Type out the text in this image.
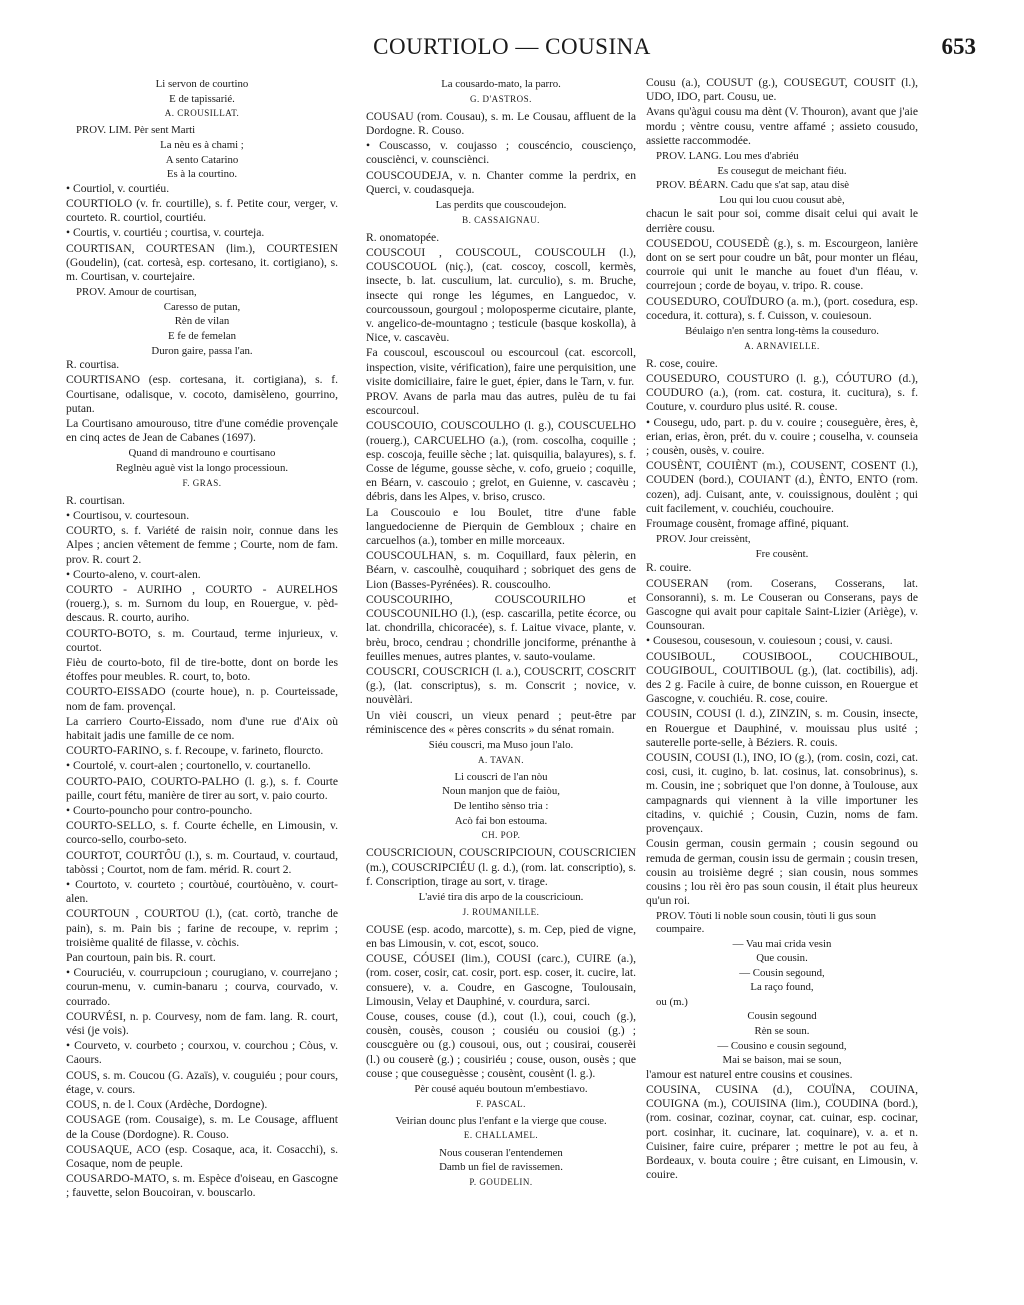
COURTIOLO — COUSINA	653

Li servon de courtino

E de tapissarié.

A. CROUSILLAT.

PROV. LIM. Pèr sent Marti

La nèu es à chami ;

A sento Catarino

Es à la courtino.

• Courtiol, v. courtiéu.

COURTIOLO (v. fr. courtille), s. f. Petite cour, verger, v. courteto. R. courtiol, courtiéu.

• Courtis, v. courtiéu ; courtisa, v. courteja.

COURTISAN, COURTESAN (lim.), COURTESIEN (Goudelin), (cat. cortesà, esp. cortesano, it. cortigiano), s. m. Courtisan, v. courtejaire.

PROV. Amour de courtisan,

Caresso de putan,

Rèn de vilan

E fe de femelan

Duron gaire, passa l'an.

R. courtisa.

COURTISANO (esp. cortesana, it. cortigiana), s. f. Courtisane, odalisque, v. cocoto, damisèleno, gourrino, putan.

La Courtisano amourouso, titre d'une comédie provençale en cinq actes de Jean de Cabanes (1697).

Quand di mandrouno e courtisano

Reglnèu aguè vist la longo processioun.

F. GRAS.

R. courtisan.

• Courtisou, v. courtesoun.

COURTO, s. f. Variété de raisin noir, connue dans les Alpes ; ancien vêtement de femme ; Courte, nom de fam. prov. R. court 2.

• Courto-aleno, v. court-alen.

COURTO - AURIHO , COURTO - AURELHOS (rouerg.), s. m. Surnom du loup, en Rouergue, v. pèd-descaus. R. courto, auriho.

COURTO-BOTO, s. m. Courtaud, terme injurieux, v. courtot.

Fièu de courto-boto, fil de tire-botte, dont on borde les étoffes pour meubles. R. court, to, boto.

COURTO-EISSADO (courte houe), n. p. Courteissade, nom de fam. provençal.

La carriero Courto-Eissado, nom d'une rue d'Aix où habitait jadis une famille de ce nom.

COURTO-FARINO, s. f. Recoupe, v. farineto, flourcto.

• Courtolé, v. court-alen ; courtonello, v. courtanello.

COURTO-PAIO, COURTO-PALHO (l. g.), s. f. Courte paille, court fétu, manière de tirer au sort, v. paio courto.

• Courto-pouncho pour contro-pouncho.

COURTO-SELLO, s. f. Courte échelle, en Limousin, v. courco-sello, courbo-seto.

COURTOT, COURTÔU (l.), s. m. Courtaud, v. courtaud, tabòssi ; Courtot, nom de fam. mérid. R. court 2.

• Courtoto, v. courteto ; courtòué, courtòuèno, v. court-alen.

COURTOUN , COURTOU (l.), (cat. cortò, tranche de pain), s. m. Pain bis ; farine de recoupe, v. reprim ; troisième qualité de filasse, v. còchis.

Pan courtoun, pain bis. R. court.

• Couruciéu, v. courrupcioun ; courugiano, v. courrejano ; courun-menu, v. cumin-banaru ; courva, courvado, v. courrado.

COURVÉSI, n. p. Courvesy, nom de fam. lang. R. court, vési (je vois).

• Courveto, v. courbeto ; courxou, v. courchou ; Còus, v. Caours.

COUS, s. m. Coucou (G. Azaïs), v. couguiéu ; pour cours, étage, v. cours.

COUS, n. de l. Coux (Ardèche, Dordogne).

COUSAGE (rom. Cousaige), s. m. Le Cousage, affluent de la Couse (Dordogne). R. Couso.

COUSAQUE, ACO (esp. Cosaque, aca, it. Cosacchi), s. Cosaque, nom de peuple.

COUSARDO-MATO, s. m. Espèce d'oiseau, en Gascogne ; fauvette, selon Boucoiran, v. bouscarlo.

La cousardo-mato, la parro.

G. D'ASTROS.

COUSAU (rom. Cousau), s. m. Le Cousau, affluent de la Dordogne. R. Couso.

• Couscasso, v. coujasso ; couscéncio, couscienço, cousciènci, v. counsciènci.

COUSCOUDEJA, v. n. Chanter comme la perdrix, en Querci, v. coudasqueja.

Las perdits que couscoudejon.

B. CASSAIGNAU.

R. onomatopée.

COUSCOUI , COUSCOUL, COUSCOULH (l.), COUSCOUOL (niç.), (cat. coscoy, coscoll, kermès, insecte, b. lat. cusculium, lat. curculio), s. m. Bruche, insecte qui ronge les légumes, en Languedoc, v. courcoussoun, gourgoul ; moloposperme cicutaire, plante, v. angelico-de-mountagno ; testicule (basque koskolla), à Nice, v. cascavèu.

Fa couscoul, escouscoul ou escourcoul (cat. escorcoll, inspection, visite, vérification), faire une perquisition, une visite domiciliaire, faire le guet, épier, dans le Tarn, v. fur.

PROV. Avans de parla mau das autres, pulèu de tu fai escourcoul.

COUSCOUIO, COUSCOULHO (l. g.), COUSCUELHO (rouerg.), CARCUELHO (a.), (rom. coscolha, coquille ; esp. coscoja, feuille sèche ; lat. quisquilia, balayures), s. f. Cosse de légume, gousse sèche, v. cofo, grueio ; coquille, en Béarn, v. cascouio ; grelot, en Guienne, v. cascavèu ; débris, dans les Alpes, v. briso, crusco.

La Couscouio e lou Boulet, titre d'une fable languedocienne de Pierquin de Gembloux ; chaire en carcuelhos (a.), tomber en mille morceaux.

COUSCOULHAN, s. m. Coquillard, faux pèlerin, en Béarn, v. cascoulhè, couquihard ; sobriquet des gens de Lion (Basses-Pyrénées). R. couscoulho.

COUSCOURIHO, COUSCOURILHO et COUSCOUNILHO (l.), (esp. cascarilla, petite écorce, ou lat. chondrilla, chicoracée), s. f. Laitue vivace, plante, v. brèu, broco, cendrau ; chondrille jonciforme, prénanthe à feuilles menues, autres plantes, v. sauto-voulame.

COUSCRI, COUSCRICH (l. a.), COUSCRIT, COSCRIT (g.), (lat. conscriptus), s. m. Conscrit ; novice, v. nouvèlàri.

Un vièi couscri, un vieux penard ; peut-être par réminiscence des « pères conscrits » du sénat romain.

Siéu couscri, ma Muso joun l'alo.

A. TAVAN.

Li couscri de l'an nòu

Noun manjon que de faiòu,

De lentiho sènso tria :

Acò fai bon estouma.

CH. POP.

COUSCRICIOUN, COUSCRIPCIOUN, COUSCRICIEN (m.), COUSCRIPCIÉU (l. g. d.), (rom. lat. conscriptio), s. f. Conscription, tirage au sort, v. tirage.

L'avié tira dis arpo de la couscricioun.

J. ROUMANILLE.

COUSE (esp. acodo, marcotte), s. m. Cep, pied de vigne, en bas Limousin, v. cot, escot, souco.

COUSE, CÓUSEI (lim.), COUSI (carc.), CUIRE (a.), (rom. coser, cosir, cat. cosir, port. esp. coser, it. cucire, lat. consuere), v. a. Coudre, en Gascogne, Toulousain, Limousin, Velay et Dauphiné, v. courdura, sarci.

Couse, couses, couse (d.), cout (l.), coui, couch (g.), cousèn, cousès, couson ; cousiéu ou cousioi (g.) ; couscguère ou (g.) cousoui, ous, out ; cousirai, couserèi (l.) ou couserè (g.) ; cousiriéu ; couse, ouson, ousès ; que couse ; que couseguèsse ; cousènt, cousènt (l. g.).

Pèr cousé aquéu boutoun m'embestiavo.

F. PASCAL.

Veirian dounc plus l'enfant e la vierge que couse.

E. CHALLAMEL.

Nous couseran l'entendemen

Damb un fiel de ravissemen.

P. GOUDELIN.

Cousu (a.), COUSUT (g.), COUSEGUT, COUSIT (l.), UDO, IDO, part. Cousu, ue.

Avans qu'àgui cousu ma dènt (V. Thouron), avant que j'aie mordu ; vèntre cousu, ventre affamé ; assieto cousudo, assiette raccommodée.

PROV. LANG. Lou mes d'abriéu

Es cousegut de meichant fiéu.

PROV. BÉARN. Cadu que s'at sap, atau disè

Lou qui lou cuou cousut abè,

chacun le sait pour soi, comme disait celui qui avait le derrière cousu.

COUSEDOU, COUSEDÈ (g.), s. m. Escourgeon, lanière dont on se sert pour coudre un bât, pour monter un fléau, courroie qui unit le manche au fouet d'un fléau, v. courrejoun ; corde de boyau, v. tripo. R. couse.

COUSEDURO, COUÏDURO (a. m.), (port. cosedura, esp. cocedura, it. cottura), s. f. Cuisson, v. couiesoun.

Béulaigo n'en sentra long-tèms la couseduro.

A. ARNAVIELLE.

R. cose, couire.

COUSEDURO, COUSTURO (l. g.), CÓUTURO (d.), COUDURO (a.), (rom. cat. costura, it. cucitura), s. f. Couture, v. courduro plus usité. R. couse.

• Cousegu, udo, part. p. du v. couire ; couseguère, ères, è, erian, erias, èron, prét. du v. couire ; couselha, v. counseia ; cousèn, ousès, v. couire.

COUSÈNT, COUIÈNT (m.), COUSENT, COSENT (l.), COUDEN (bord.), COUIANT (d.), ÈNTO, ENTO (rom. cozen), adj. Cuisant, ante, v. couissignous, doulènt ; qui cuit facilement, v. couchiéu, couchouire.

Froumage cousènt, fromage affiné, piquant.

PROV. Jour creissènt,

Fre cousènt.

R. couire.

COUSERAN (rom. Coserans, Cosserans, lat. Consoranni), s. m. Le Couseran ou Conserans, pays de Gascogne qui avait pour capitale Saint-Lizier (Ariège), v. Counsouran.

• Cousesou, cousesoun, v. couiesoun ; cousi, v. causi.

COUSIBOUL, COUSIBOOL, COUCHIBOUL, COUGIBOUL, COUITIBOUL (g.), (lat. coctibilis), adj. des 2 g. Facile à cuire, de bonne cuisson, en Rouergue et Gascogne, v. couchiéu. R. cose, couire.

COUSIN, COUSI (l. d.), ZINZIN, s. m. Cousin, insecte, en Rouergue et Dauphiné, v. mouissau plus usité ; sauterelle porte-selle, à Béziers. R. couis.

COUSIN, COUSI (l.), INO, IO (g.), (rom. cosin, cozi, cat. cosi, cusi, it. cugino, b. lat. cosinus, lat. consobrinus), s. m. Cousin, ine ; sobriquet que l'on donne, à Toulouse, aux campagnards qui viennent à la ville importuner les citadins, v. quichié ; Cousin, Cuzin, noms de fam. provençaux.

Cousin german, cousin germain ; cousin segound ou remuda de german, cousin issu de germain ; cousin tresen, cousin au troisième degré ; sian cousin, nous sommes cousins ; lou rèi èro pas soun cousin, il était plus heureux qu'un roi.

PROV. Tòuti li noble soun cousin, tòuti li gus soun coumpaire.

— Vau mai crida vesin

Que cousin.

— Cousin segound,

La raço found,

ou (m.)

Cousin segound

Rèn se soun.

— Cousino e cousin segound,

Mai se baison, mai se soun,

l'amour est naturel entre cousins et cousines.

COUSINA, CUSINA (d.), COUÏNA, COUINA, COUIGNA (m.), COUISINA (lim.), COUDINA (bord.), (rom. cosinar, cozinar, coynar, cat. cuinar, esp. cocinar, port. cosinhar, it. cucinare, lat. coquinare), v. a. et n. Cuisiner, faire cuire, préparer ; mettre le pot au feu, à Bordeaux, v. bouta couire ; être cuisant, en Limousin, v. couire.
